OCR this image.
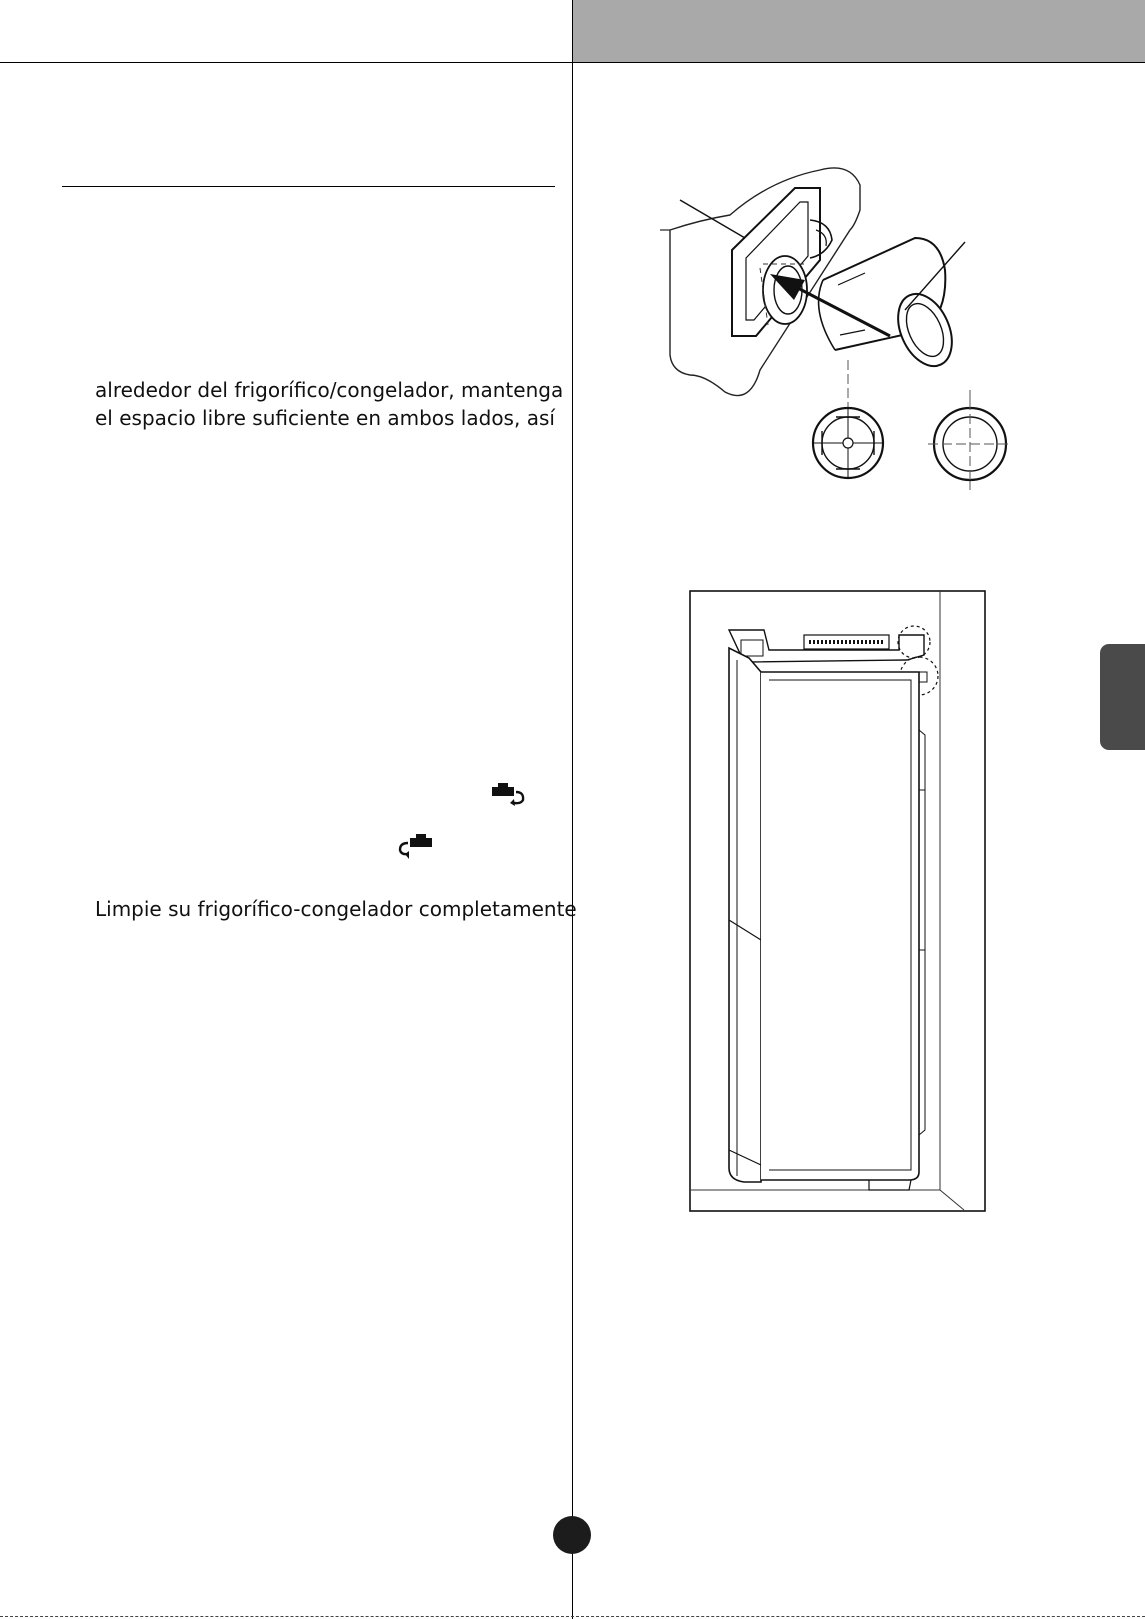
alrededor del frigorífico/congelador, mantenga
el espacio libre suficiente en ambos lados, así
Limpie su frigorífico-congelador completamente
